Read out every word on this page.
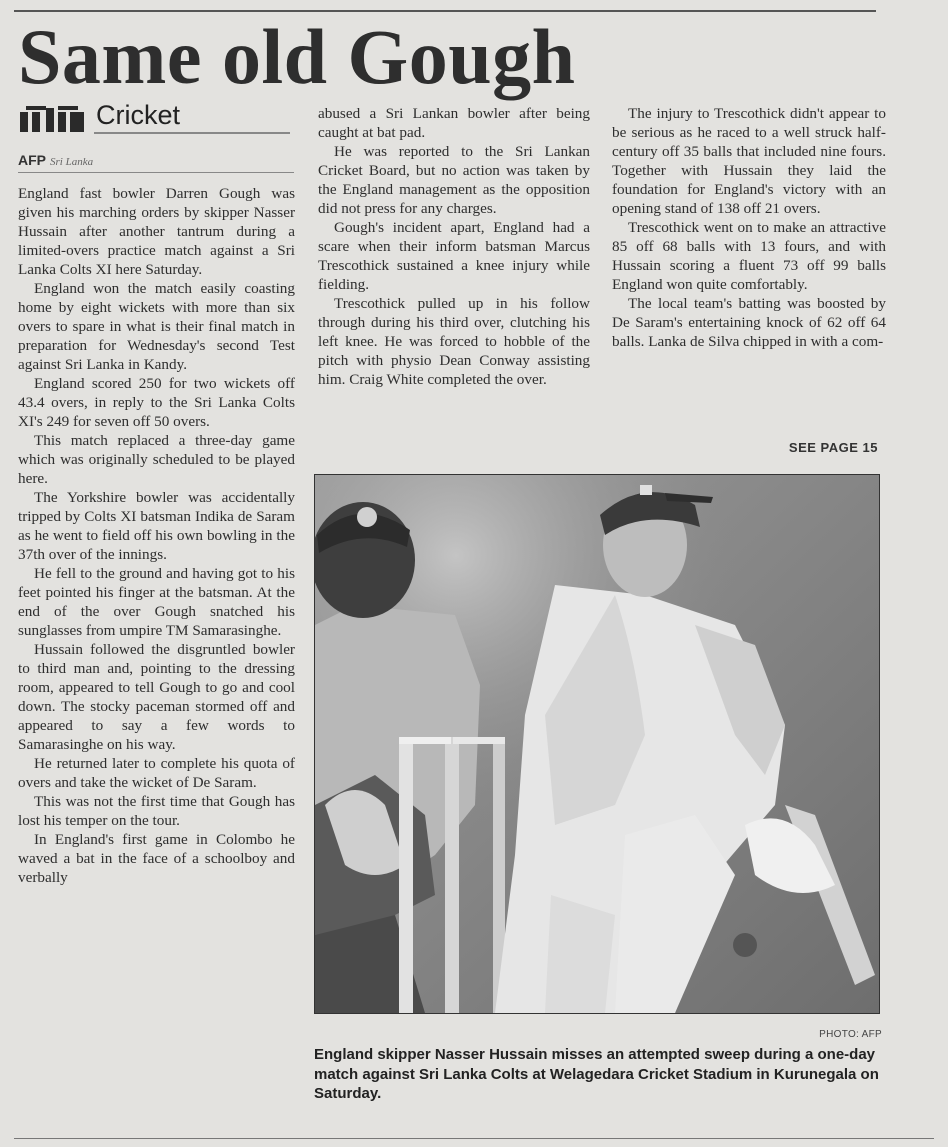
Same old Gough
Cricket
AFP Sri Lanka

England fast bowler Darren Gough was given his marching orders by skipper Nasser Hussain after another tantrum during a limited-overs practice match against a Sri Lanka Colts XI here Saturday.

England won the match easily coasting home by eight wickets with more than six overs to spare in what is their final match in preparation for Wednesday's second Test against Sri Lanka in Kandy.

England scored 250 for two wickets off 43.4 overs, in reply to the Sri Lanka Colts XI's 249 for seven off 50 overs.

This match replaced a three-day game which was originally scheduled to be played here.

The Yorkshire bowler was accidentally tripped by Colts XI batsman Indika de Saram as he went to field off his own bowling in the 37th over of the innings.

He fell to the ground and having got to his feet pointed his finger at the batsman. At the end of the over Gough snatched his sunglasses from umpire TM Samarasinghe.

Hussain followed the disgruntled bowler to third man and, pointing to the dressing room, appeared to tell Gough to go and cool down. The stocky paceman stormed off and appeared to say a few words to Samarasinghe on his way.

He returned later to complete his quota of overs and take the wicket of De Saram.

This was not the first time that Gough has lost his temper on the tour.

In England's first game in Colombo he waved a bat in the face of a schoolboy and verbally

abused a Sri Lankan bowler after being caught at bat pad.

He was reported to the Sri Lankan Cricket Board, but no action was taken by the England management as the opposition did not press for any charges.

Gough's incident apart, England had a scare when their inform batsman Marcus Trescothick sustained a knee injury while fielding.

Trescothick pulled up in his follow through during his third over, clutching his left knee. He was forced to hobble of the pitch with physio Dean Conway assisting him. Craig White completed the over.

The injury to Trescothick didn't appear to be serious as he raced to a well struck half-century off 35 balls that included nine fours. Together with Hussain they laid the foundation for England's victory with an opening stand of 138 off 21 overs.

Trescothick went on to make an attractive 85 off 68 balls with 13 fours, and with Hussain scoring a fluent 73 off 99 balls England won quite comfortably.

The local team's batting was boosted by De Saram's entertaining knock of 62 off 64 balls. Lanka de Silva chipped in with a com-

SEE PAGE 15
PHOTO: AFP
England skipper Nasser Hussain misses an attempted sweep during a one-day match against Sri Lanka Colts at Welagedara Cricket Stadium in Kurunegala on Saturday.
